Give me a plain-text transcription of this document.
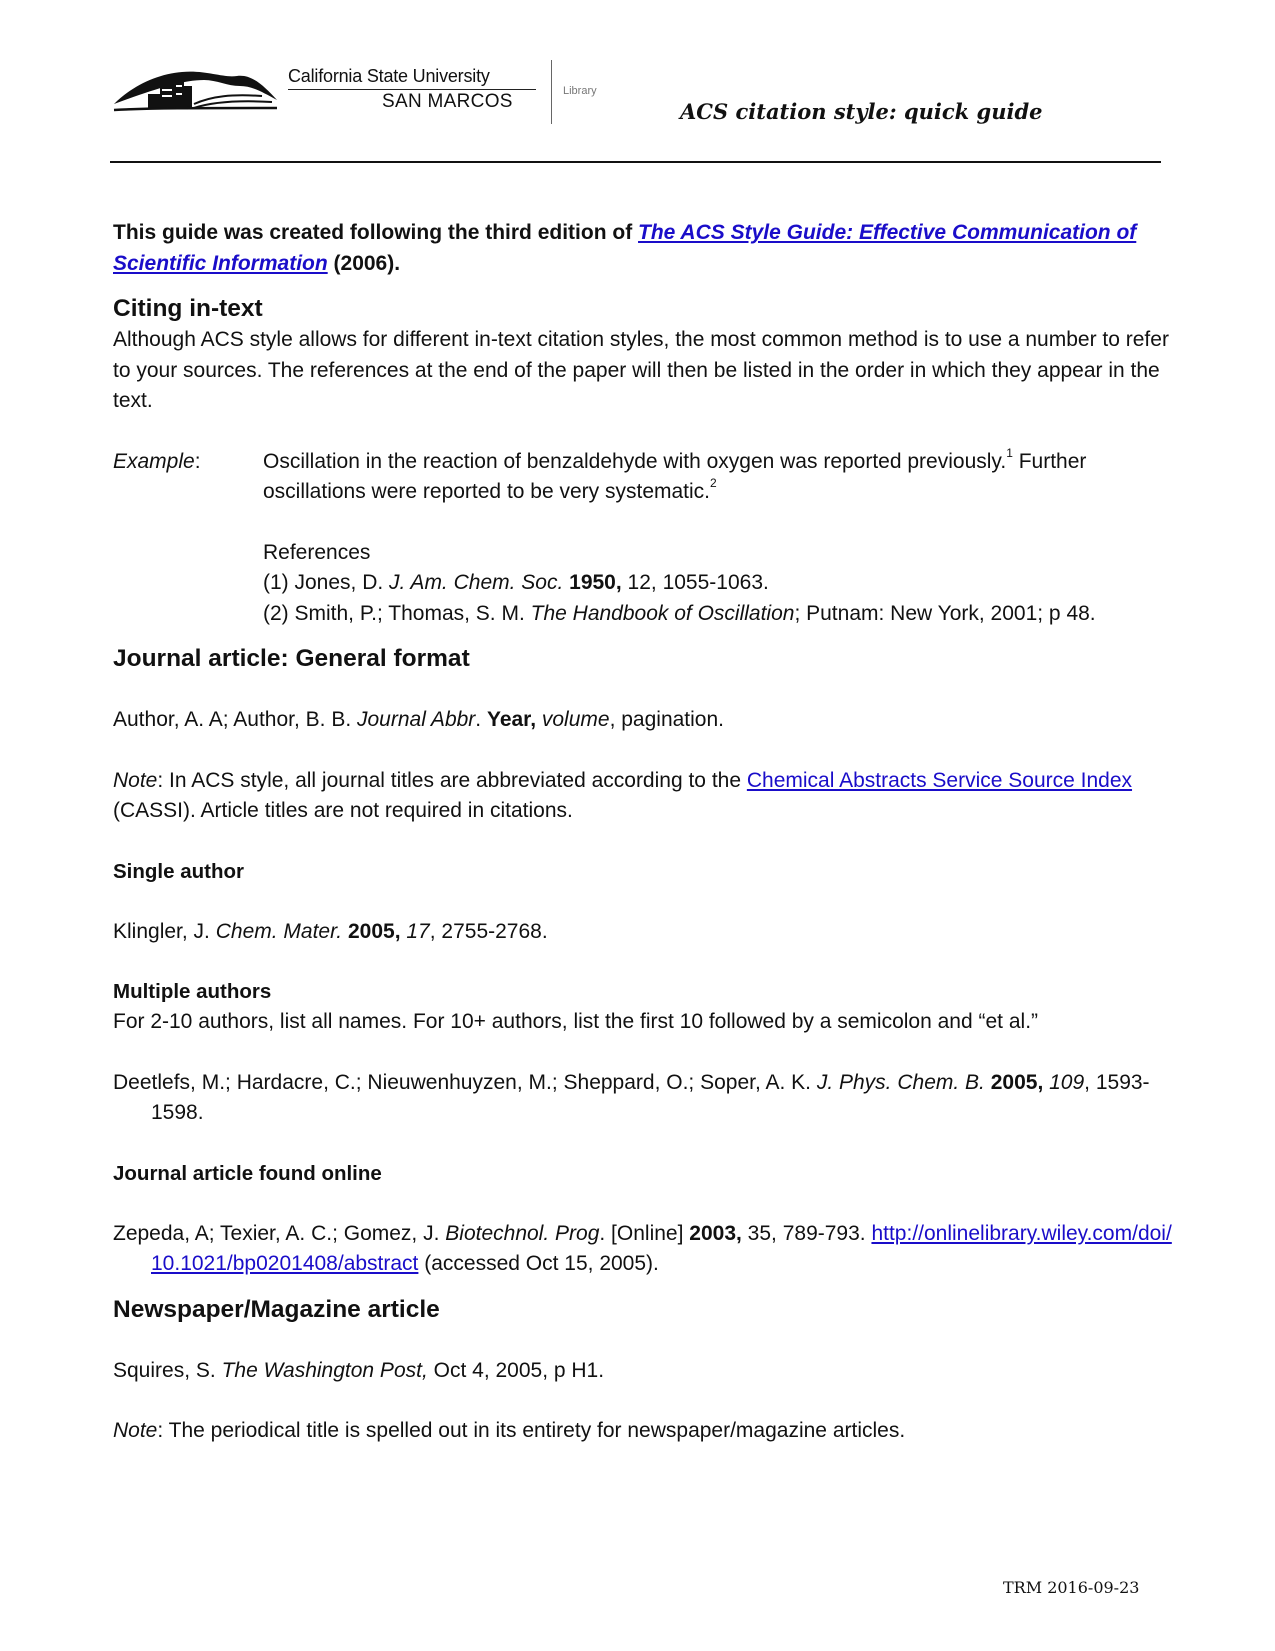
California State University
SAN MARCOS	Library
ACS citation style: quick guide

This guide was created following the third edition of The ACS Style Guide: Effective Communication of Scientific Information (2006).

Citing in-text

Although ACS style allows for different in-text citation styles, the most common method is to use a number to refer to your sources. The references at the end of the paper will then be listed in the order in which they appear in the text.

Example:	Oscillation in the reaction of benzaldehyde with oxygen was reported previously.$^1$ Further oscillations were reported to be very systematic.$^2$

References

(1) Jones, D. J. Am. Chem. Soc. 1950, 12, 1055-1063.

(2) Smith, P.; Thomas, S. M. The Handbook of Oscillation; Putnam: New York, 2001; p 48.

Journal article: General format

Author, A. A; Author, B. B. Journal Abbr. Year, volume, pagination.

Note: In ACS style, all journal titles are abbreviated according to the Chemical Abstracts Service Source Index (CASSI). Article titles are not required in citations.

Single author

Klingler, J. Chem. Mater. 2005, 17, 2755-2768.

Multiple authors

For 2-10 authors, list all names. For 10+ authors, list the first 10 followed by a semicolon and “et al.”

Deetlefs, M.; Hardacre, C.; Nieuwenhuyzen, M.; Sheppard, O.; Soper, A. K. J. Phys. Chem. B. 2005, 109, 1593-1598.

Journal article found online

Zepeda, A; Texier, A. C.; Gomez, J. Biotechnol. Prog. [Online] 2003, 35, 789-793. http://onlinelibrary.wiley.com/doi/ 10.1021/bp0201408/abstract (accessed Oct 15, 2005).

Newspaper/Magazine article

Squires, S. The Washington Post, Oct 4, 2005, p H1.

Note: The periodical title is spelled out in its entirety for newspaper/magazine articles.

TRM 2016-09-23
